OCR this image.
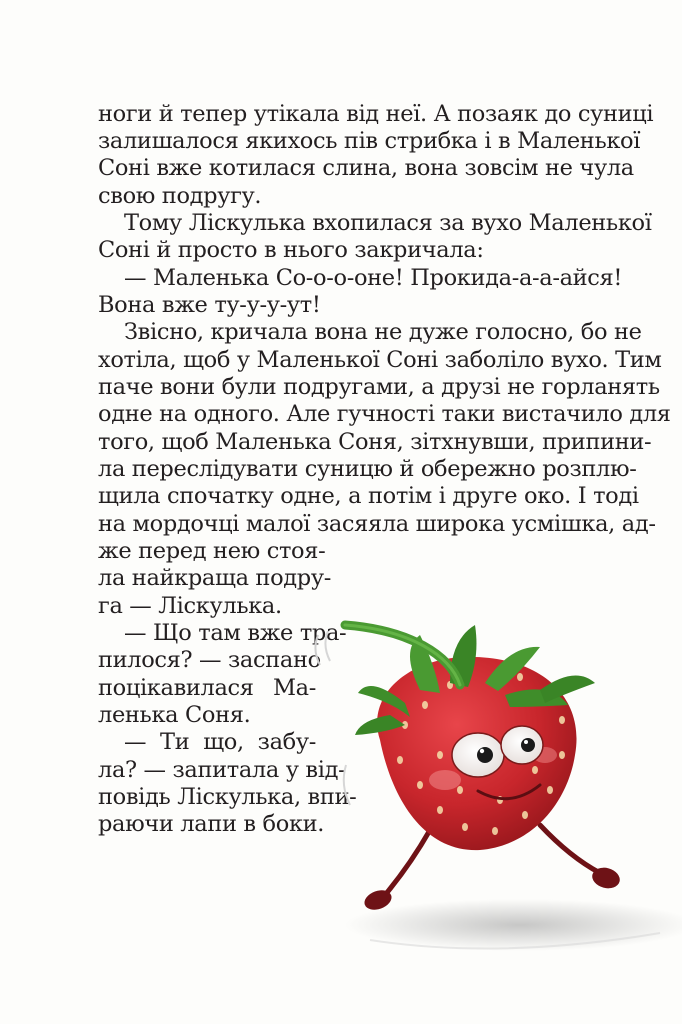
ноги й тепер утікала від неї. А позаяк до суниці
залишалося якихось пів стрибка і в Маленької
Соні вже котилася слина, вона зовсім не чула
свою подругу.
Тому Ліскулька вхопилася за вухо Маленької
Соні й просто в нього закричала:
— Маленька Со-о-о-оне! Прокида-а-а-айся!
Вона вже ту-у-у-ут!
Звісно, кричала вона не дуже голосно, бо не
хотіла, щоб у Маленької Соні заболіло вухо. Тим
паче вони були подругами, а друзі не горланять
одне на одного. Але гучності таки вистачило для
того, щоб Маленька Соня, зітхнувши, припини-
ла переслідувати суницю й обережно розплю-
щила спочатку одне, а потім і друге око. І тоді
на мордочці малої засяяла широка усмішка, ад-
же перед нею стоя-
ла найкраща подру-
га — Ліскулька.
— Що там вже тра-
пилося? — заспано
поцікавилася Ма-
ленька Соня.
— Ти що, забу-
ла? — запитала у від-
повідь Ліскулька, впи-
раючи лапи в боки.
